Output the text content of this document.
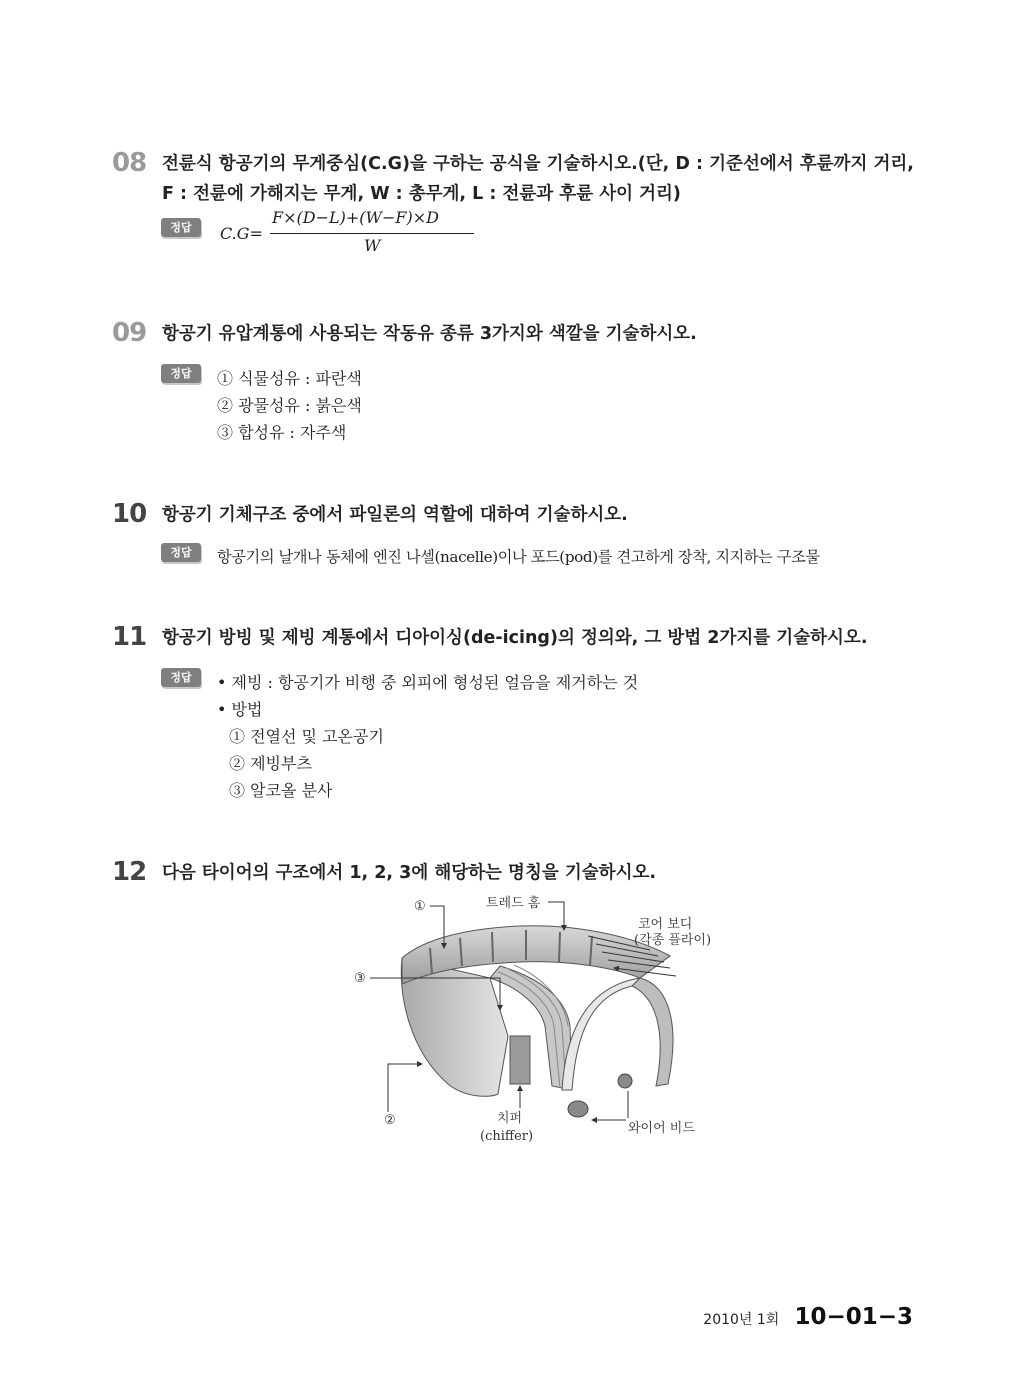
08 전륜식 항공기의 무게중심(C.G)을 구하는 공식을 기술하시오.(단, D : 기준선에서 후륜까지 거리,
F : 전륜에 가해지는 무게, W : 총무게, L : 전륜과 후륜 사이 거리)
정답
F×(D−L)+(W−F)×D
C.G=
W
09 항공기 유압계통에 사용되는 작동유 종류 3가지와 색깔을 기술하시오.
정답	① 식물성유 : 파란색
② 광물성유 : 붉은색
③ 합성유 : 자주색
10 항공기 기체구조 중에서 파일론의 역할에 대하여 기술하시오.
정답	항공기의 날개나 동체에 엔진 나셀(nacelle)이나 포드(pod)를 견고하게 장착, 지지하는 구조물
11 항공기 방빙 및 제빙 계통에서 디아이싱(de-icing)의 정의와, 그 방법 2가지를 기술하시오.
정답	• 제빙 : 항공기가 비행 중 외피에 형성된 얼음을 제거하는 것
• 방법
① 전열선 및 고온공기
② 제빙부츠
③ 알코올 분사
12 다음 타이어의 구조에서 1, 2, 3에 해당하는 명칭을 기술하시오.
①	트레드 홈
코어 보디
(각종 플라이)
③
②	치퍼
(chiffer)
와이어 비드
2010년 1회 10−01−3
